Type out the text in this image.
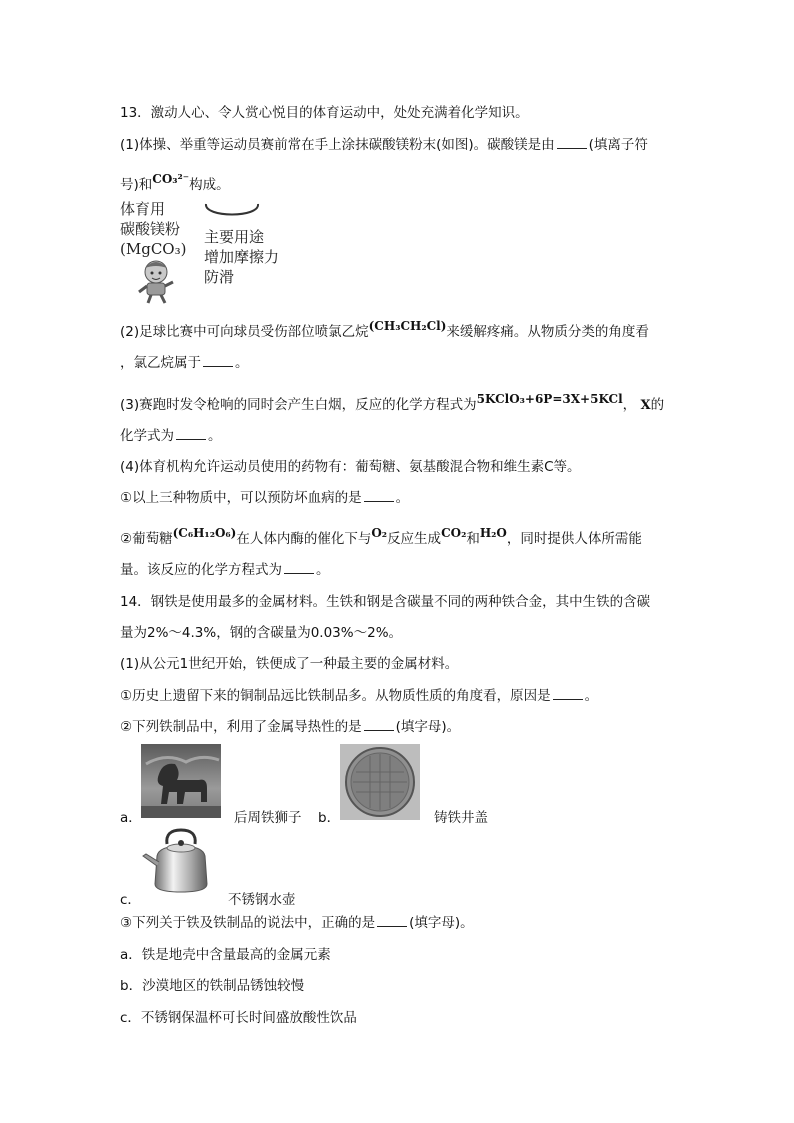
13．激动人心、令人赏心悦目的体育运动中，处处充满着化学知识。
(1)体操、举重等运动员赛前常在手上涂抹碳酸镁粉末(如图)。碳酸镁是由	(填离子符
号)和CO₃²⁻构成。
体育用
碳酸镁粉
(MgCO₃)
主要用途
增加摩擦力
防滑
(2)足球比赛中可向球员受伤部位喷氯乙烷(CH₃CH₂Cl)来缓解疼痛。从物质分类的角度看
，氯乙烷属于	。
(3)赛跑时发令枪响的同时会产生白烟，反应的化学方程式为5KClO₃+6P=3X+5KCl， X的
化学式为	。
(4)体育机构允许运动员使用的药物有：葡萄糖、氨基酸混合物和维生素C等。
①以上三种物质中，可以预防坏血病的是	。
②葡萄糖(C₆H₁₂O₆)在人体内酶的催化下与O₂反应生成CO₂和H₂O，同时提供人体所需能
量。该反应的化学方程式为	。
14．钢铁是使用最多的金属材料。生铁和钢是含碳量不同的两种铁合金，其中生铁的含碳
量为2%～4.3%，钢的含碳量为0.03%～2%。
(1)从公元1世纪开始，铁便成了一种最主要的金属材料。
①历史上遗留下来的铜制品远比铁制品多。从物质性质的角度看，原因是	。
②下列铁制品中，利用了金属导热性的是	(填字母)。
a．	后周铁狮子 b．	铸铁井盖
c．	不锈钢水壶
③下列关于铁及铁制品的说法中，正确的是	(填字母)。
a．铁是地壳中含量最高的金属元素
b．沙漠地区的铁制品锈蚀较慢
c．不锈钢保温杯可长时间盛放酸性饮品
